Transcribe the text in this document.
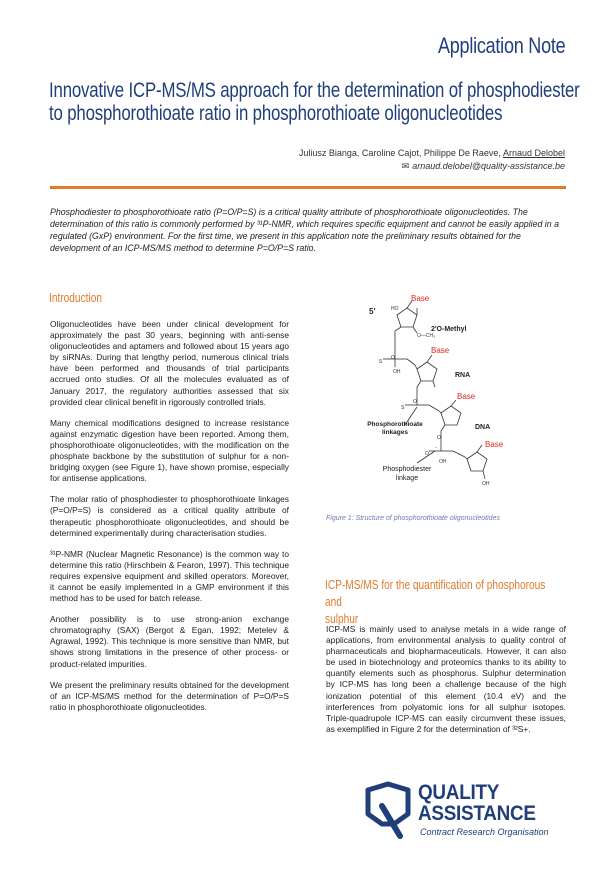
Application Note
Innovative ICP-MS/MS approach for the determination of phosphodiester
to phosphorothioate ratio in phosphorothioate oligonucleotides
Juliusz Bianga, Caroline Cajot, Philippe De Raeve, Arnaud Delobel
✉ arnaud.delobel@quality-assistance.be
Phosphodiester to phosphorothioate ratio (P=O/P=S) is a critical quality attribute of phosphorothioate oligonucleotides. The determination of this ratio is commonly performed by ³¹P-NMR, which requires specific equipment and cannot be easily applied in a regulated (GxP) environment. For the first time, we present in this application note the preliminary results obtained for the development of an ICP-MS/MS method to determine P=O/P=S ratio.
Introduction

Oligonucleotides have been under clinical development for approximately the past 30 years, beginning with anti-sense oligonucleotides and aptamers and followed about 15 years ago by siRNAs. During that lengthy period, numerous clinical trials have been performed and thousands of trial participants accrued onto studies. Of all the molecules evaluated as of January 2017, the regulatory authorities assessed that six provided clear clinical benefit in rigorously controlled trials.

Many chemical modifications designed to increase resistance against enzymatic digestion have been reported. Among them, phosphorothioate oligonucleotides, with the modification on the phosphate backbone by the substitution of sulphur for a non-bridging oxygen (see Figure 1), have shown promise, especially for antisense applications.

The molar ratio of phosphodiester to phosphorothioate linkages (P=O/P=S) is considered as a critical quality attribute of therapeutic phosphorothioate oligonucleotides, and should be determined experimentally during characterisation studies.

³¹P-NMR (Nuclear Magnetic Resonance) is the common way to determine this ratio (Hirschbein & Fearon, 1997). This technique requires expensive equipment and skilled operators. Moreover, it cannot be easily implemented in a GMP environment if this method has to be used for batch release.

Another possibility is to use strong-anion exchange chromatography (SAX) (Bergot & Egan, 1992; Metelev & Agrawal, 1992). This technique is more sensitive than NMR, but shows strong limitations in the presence of other process- or product-related impurities.

We present the preliminary results obtained for the development of an ICP-MS/MS method for the determination of P=O/P=S ratio in phosphorothioate oligonucleotides.

HO
O—CH₃
O
S
OH
O
S
O
O
-
OH
OH
5'
Base
2'O-Methyl
Base
RNA
Base
DNA
Base
Phosphorothioate
linkages
Phosphodiester
linkage
Figure 1: Structure of phosphorothioate oligonucleotides
ICP-MS/MS for the quantification of phosphorous and
sulphur
ICP-MS is mainly used to analyse metals in a wide range of applications, from environmental analysis to quality control of pharmaceuticals and biopharmaceuticals. However, it can also be used in biotechnology and proteomics thanks to its ability to quantify elements such as phosphorus. Sulphur determination by ICP-MS has long been a challenge because of the high ionization potential of this element (10.4 eV) and the interferences from polyatomic ions for all sulphur isotopes. Triple-quadrupole ICP-MS can easily circumvent these issues, as exemplified in Figure 2 for the determination of ³²S+.
QUALITY
ASSISTANCE
Contract Research Organisation
